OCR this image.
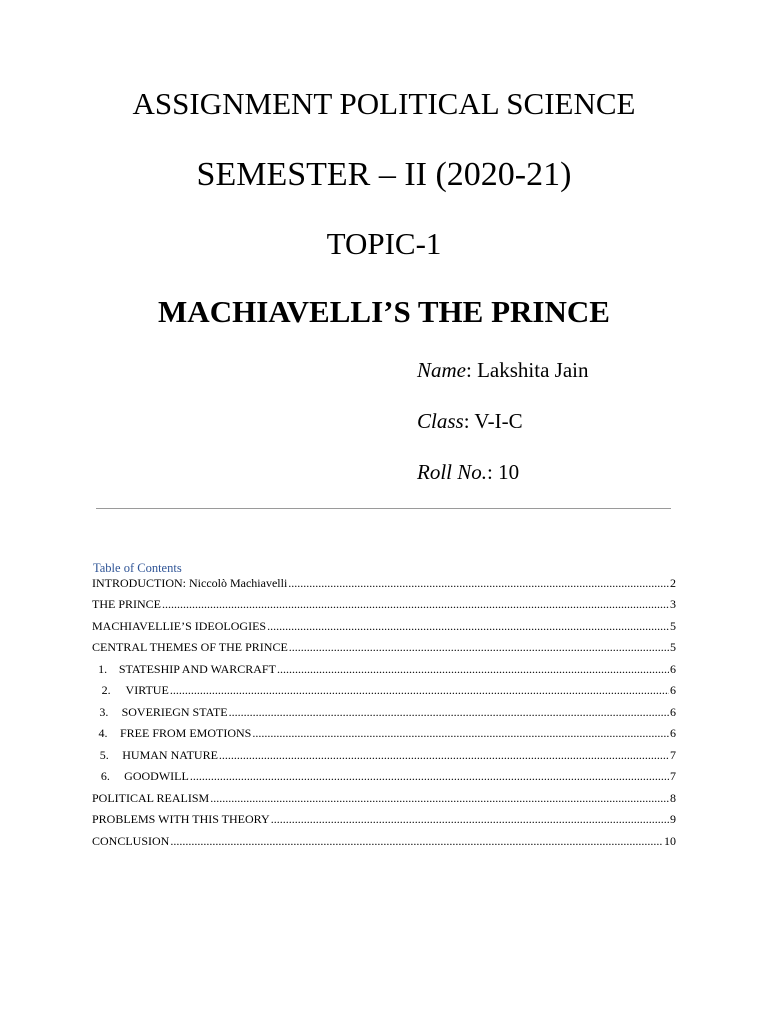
ASSIGNMENT POLITICAL SCIENCE
SEMESTER – II (2020-21)
TOPIC-1
MACHIAVELLI’S THE PRINCE
Name: Lakshita Jain
Class: V-I-C
Roll No.: 10
Table of Contents
INTRODUCTION: Niccolò Machiavelli .....	2
THE PRINCE .....	3
MACHIAVELLIE’S IDEOLOGIES .....	5
CENTRAL THEMES OF THE PRINCE .....	5
1. STATESHIP AND WARCRAFT .....	6
2. VIRTUE .....	6
3. SOVERIEGN STATE .....	6
4. FREE FROM EMOTIONS .....	6
5. HUMAN NATURE .....	7
6. GOODWILL .....	7
POLITICAL REALISM .....	8
PROBLEMS WITH THIS THEORY .....	9
CONCLUSION .....	10
